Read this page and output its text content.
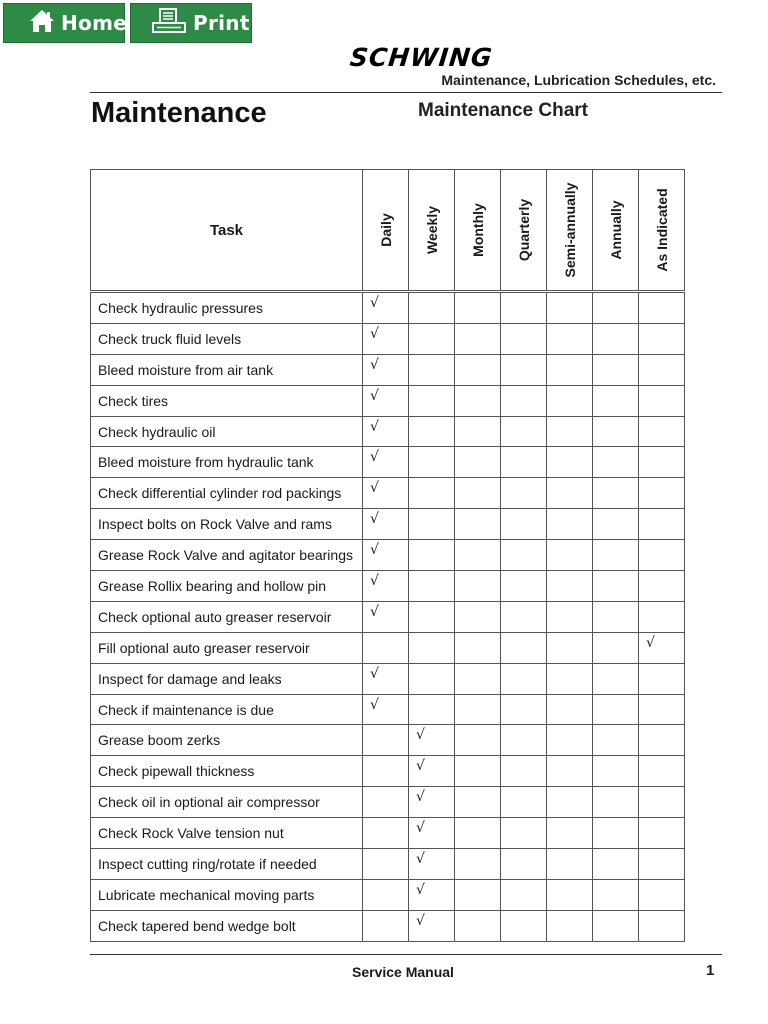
Home	Print
SCHWING
Maintenance, Lubrication Schedules, etc.
Maintenance	Maintenance Chart
Task	Daily	Weekly	Monthly	Quarterly	Semi-annually	Annually	As Indicated

Check hydraulic pressures	√						
Check truck fluid levels	√						
Bleed moisture from air tank	√						
Check tires	√						
Check hydraulic oil	√						
Bleed moisture from hydraulic tank	√						
Check differential cylinder rod packings	√						
Inspect bolts on Rock Valve and rams	√						
Grease Rock Valve and agitator bearings	√						
Grease Rollix bearing and hollow pin	√						
Check optional auto greaser reservoir	√						
Fill optional auto greaser reservoir							√
Inspect for damage and leaks	√						
Check if maintenance is due	√						
Grease boom zerks		√					
Check pipewall thickness		√					
Check oil in optional air compressor		√					
Check Rock Valve tension nut		√					
Inspect cutting ring/rotate if needed		√					
Lubricate mechanical moving parts		√					
Check tapered bend wedge bolt		√					
Service Manual	1
